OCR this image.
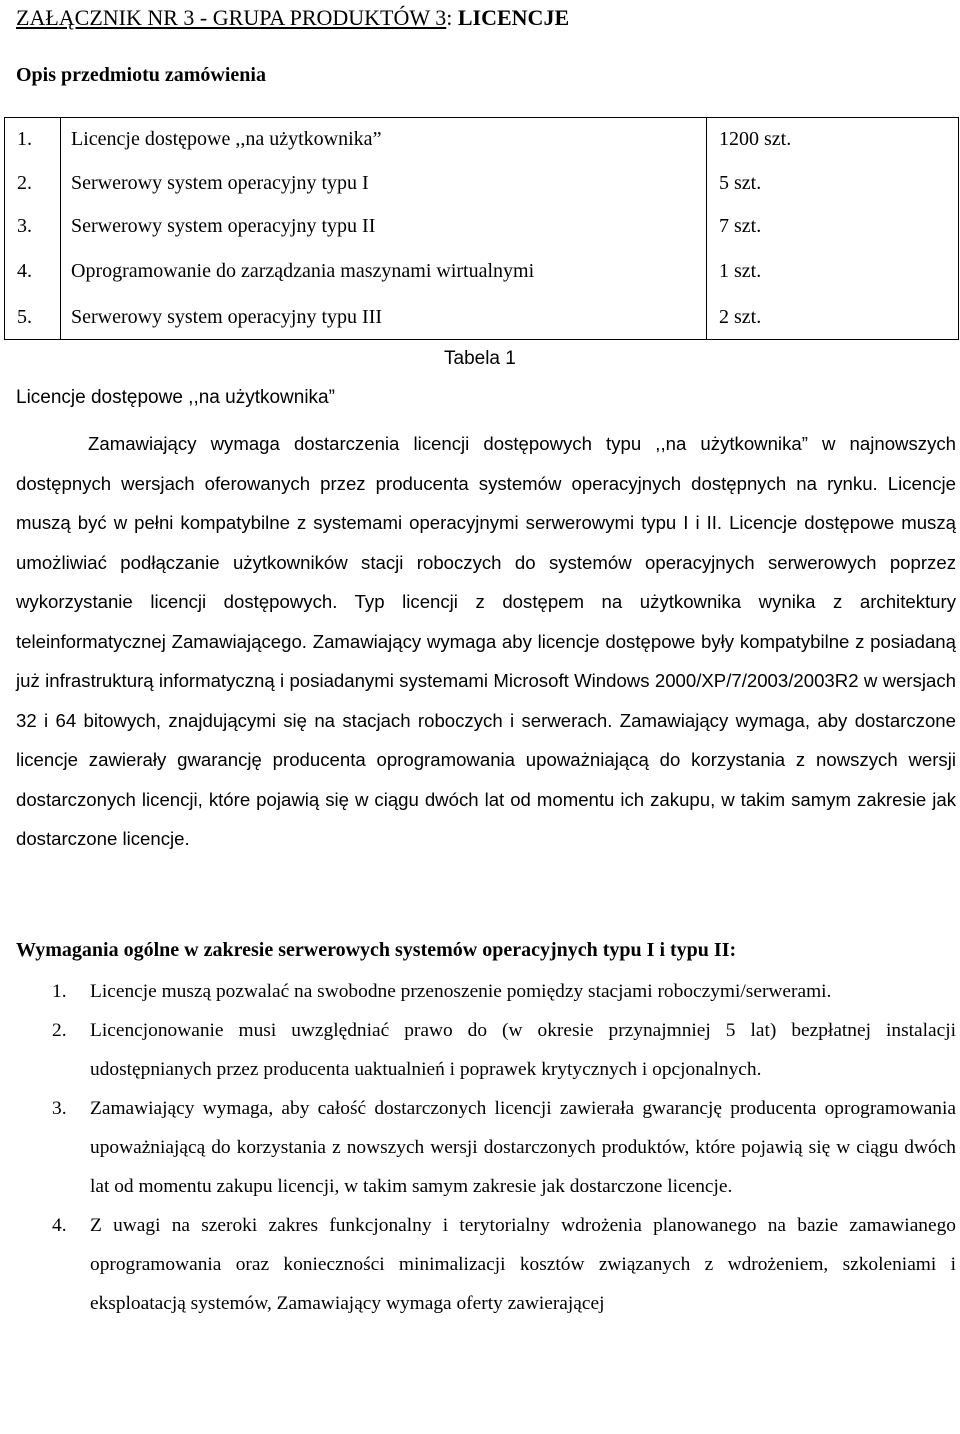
ZAŁĄCZNIK NR 3 - GRUPA PRODUKTÓW 3: LICENCJE
Opis przedmiotu zamówienia
1.	Licencje dostępowe ,,na użytkownika”	1200 szt.
2.	Serwerowy system operacyjny typu I	5 szt.
3.	Serwerowy system operacyjny typu II	7 szt.
4.	Oprogramowanie do zarządzania maszynami wirtualnymi	1 szt.
5.	Serwerowy system operacyjny typu III	2 szt.
Tabela 1
Licencje dostępowe ,,na użytkownika”
Zamawiający wymaga dostarczenia licencji dostępowych typu ,,na użytkownika” w najnowszych dostępnych wersjach oferowanych przez producenta systemów operacyjnych dostępnych na rynku. Licencje muszą być w pełni kompatybilne z systemami operacyjnymi serwerowymi typu I i II. Licencje dostępowe muszą umożliwiać podłączanie użytkowników stacji roboczych do systemów operacyjnych serwerowych poprzez wykorzystanie licencji dostępowych. Typ licencji z dostępem na użytkownika wynika z architektury teleinformatycznej Zamawiającego. Zamawiający wymaga aby licencje dostępowe były kompatybilne z posiadaną już infrastrukturą informatyczną i posiadanymi systemami Microsoft Windows 2000/XP/7/2003/2003R2 w wersjach 32 i 64 bitowych, znajdującymi się na stacjach roboczych i serwerach. Zamawiający wymaga, aby dostarczone licencje zawierały gwarancję producenta oprogramowania upoważniającą do korzystania z nowszych wersji dostarczonych licencji, które pojawią się w ciągu dwóch lat od momentu ich zakupu, w takim samym zakresie jak dostarczone licencje.
Wymagania ogólne w zakresie serwerowych systemów operacyjnych typu I i typu II:
1. Licencje muszą pozwalać na swobodne przenoszenie pomiędzy stacjami roboczymi/serwerami.
2. Licencjonowanie musi uwzględniać prawo do (w okresie przynajmniej 5 lat) bezpłatnej instalacji udostępnianych przez producenta uaktualnień i poprawek krytycznych i opcjonalnych.
3. Zamawiający wymaga, aby całość dostarczonych licencji zawierała gwarancję producenta oprogramowania upoważniającą do korzystania z nowszych wersji dostarczonych produktów, które pojawią się w ciągu dwóch lat od momentu zakupu licencji, w takim samym zakresie jak dostarczone licencje.
4. Z uwagi na szeroki zakres funkcjonalny i terytorialny wdrożenia planowanego na bazie zamawianego oprogramowania oraz konieczności minimalizacji kosztów związanych z wdrożeniem, szkoleniami i eksploatacją systemów, Zamawiający wymaga oferty zawierającej
